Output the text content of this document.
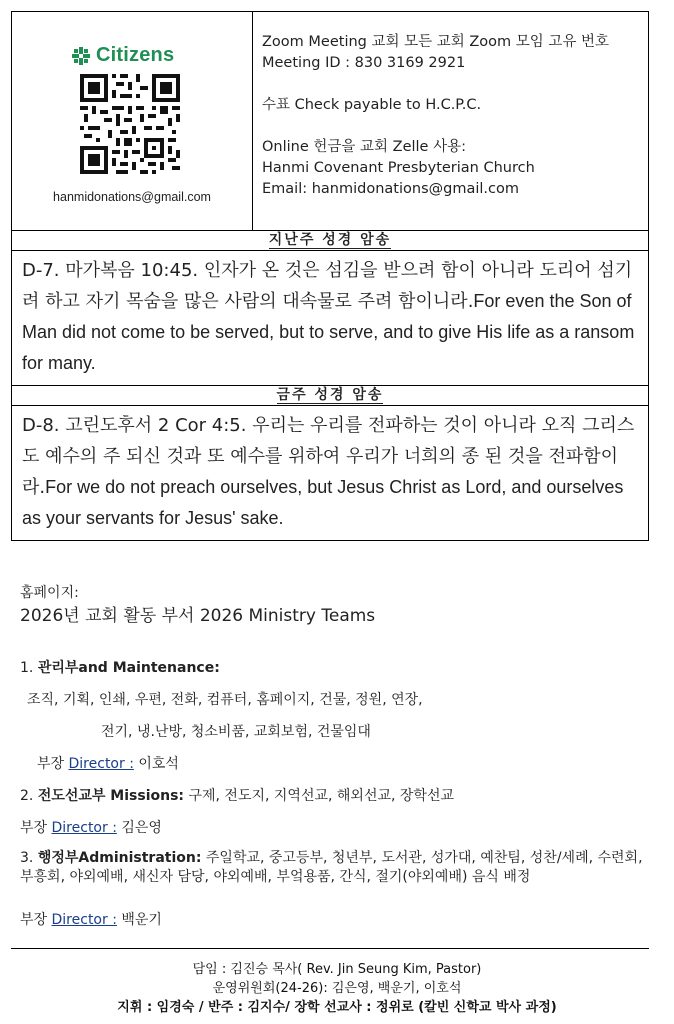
Citizens
hanmidonations@gmail.com

Zoom Meeting 교회 모든 교회 Zoom 모임 고유 번호

Meeting ID : 830 3169 2921

수표 Check payable to H.C.P.C.

Online 헌금을 교회 Zelle 사용:

Hanmi Covenant Presbyterian Church

Email: hanmidonations@gmail.com

지난주 성경 암송
D-7. 마가복음 10:45. 인자가 온 것은 섬김을 받으려 함이 아니라 도리어 섬기려 하고 자기 목숨을 많은 사람의 대속물로 주려 함이니라.For even the Son of Man did not come to be served, but to serve, and to give His life as a ransom for many.
금주 성경 암송
D-8. 고린도후서 2 Cor 4:5. 우리는 우리를 전파하는 것이 아니라 오직 그리스도 예수의 주 되신 것과 또 예수를 위하여 우리가 너희의 종 된 것을 전파함이라.For we do not preach ourselves, but Jesus Christ as Lord, and ourselves as your servants for Jesus' sake.
홈페이지:
2026년 교회 활동 부서 2026 Ministry Teams
1. 관리부and Maintenance:
조직, 기획, 인쇄, 우편, 전화, 컴퓨터, 홈페이지, 건물, 정원, 연장,
전기, 냉.난방, 청소비품, 교회보험, 건물임대
부장 Director : 이호석
2. 전도선교부 Missions: 구제, 전도지, 지역선교, 해외선교, 장학선교
부장 Director : 김은영
3. 행정부Administration: 주일학교, 중고등부, 청년부, 도서관, 성가대, 예찬팀, 성찬/세례, 수련회, 부흥회, 야외예배, 새신자 담당, 야외예배, 부엌용품, 간식, 절기(야외예배) 음식 배정
부장 Director : 백운기
담임 : 김진승 목사( Rev. Jin Seung Kim, Pastor)
운영위원회(24-26): 김은영, 백운기, 이호석
지휘 : 임경숙 / 반주 : 김지수/ 장학 선교사 : 정위로 (칼빈 신학교 박사 과정)
